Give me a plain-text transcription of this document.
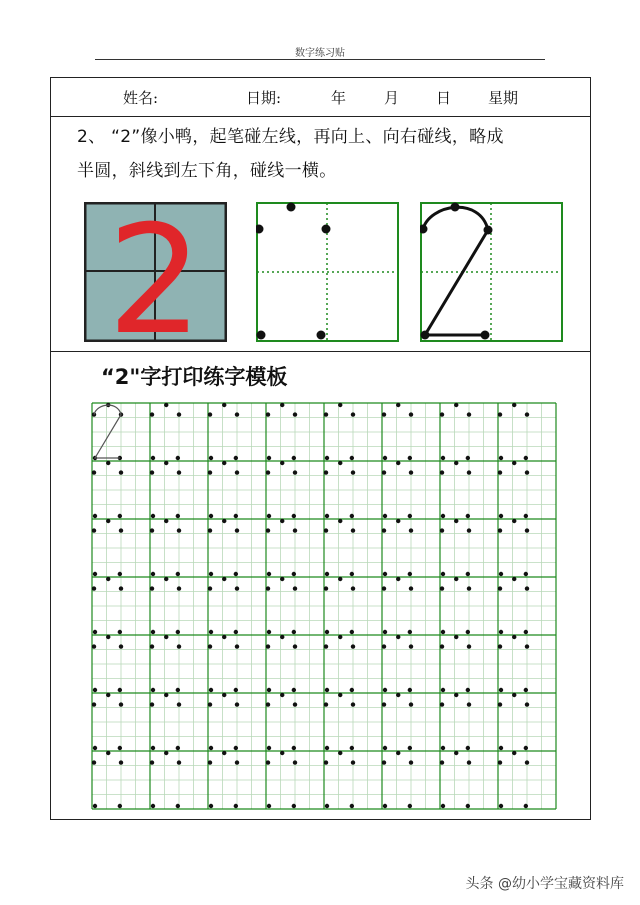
数字练习贴
姓名:	日期:	年	月 日 星期
2、 “2”像小鸭，起笔碰左线，再向上、向右碰线，略成
半圆，斜线到左下角，碰线一横。
2
“2"字打印练字模板
头条 @幼小学宝藏资料库
